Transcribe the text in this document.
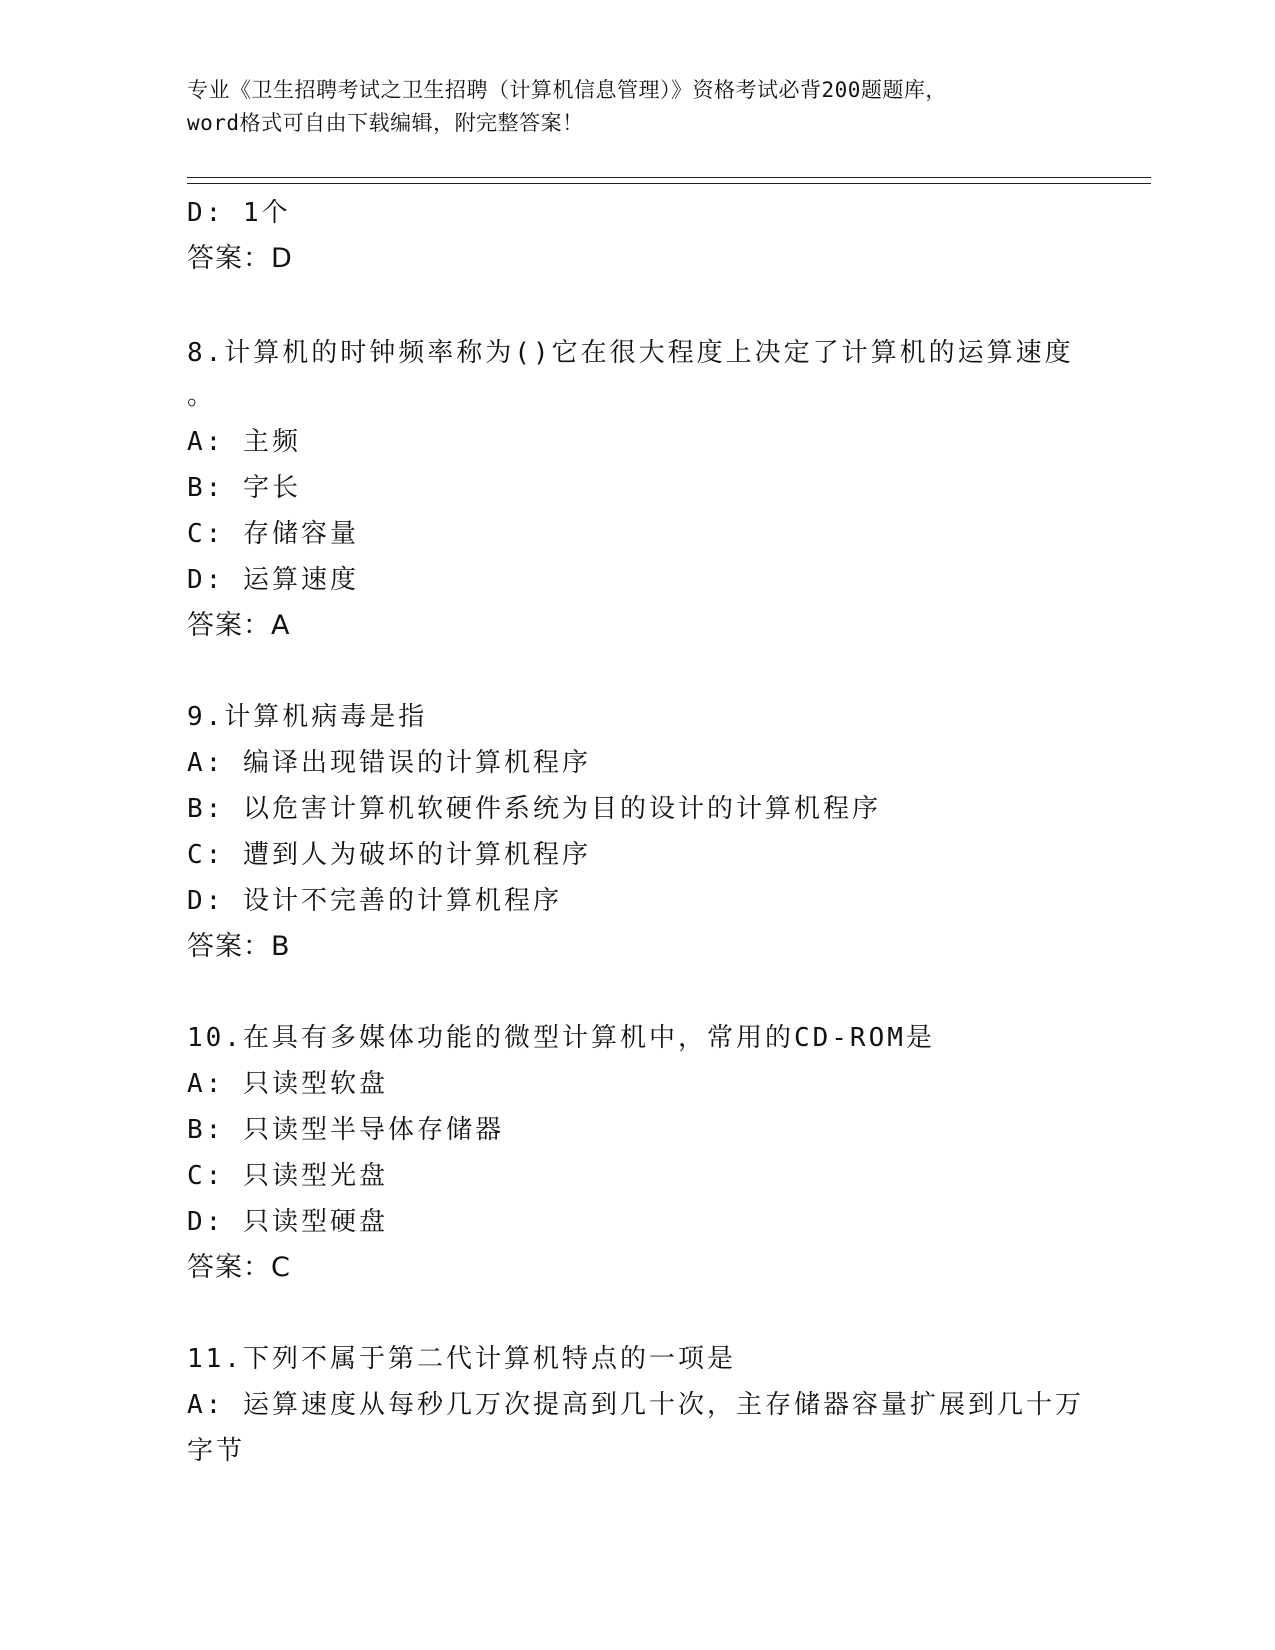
专业《卫生招聘考试之卫生招聘（计算机信息管理）》资格考试必背200题题库，
word格式可自由下载编辑，附完整答案！
D: 1个
答案：D
8.计算机的时钟频率称为()它在很大程度上决定了计算机的运算速度
。
A: 主频
B: 字长
C: 存储容量
D: 运算速度
答案：A
9.计算机病毒是指
A: 编译出现错误的计算机程序
B: 以危害计算机软硬件系统为目的设计的计算机程序
C: 遭到人为破坏的计算机程序
D: 设计不完善的计算机程序
答案：B
10.在具有多媒体功能的微型计算机中，常用的CD-ROM是
A: 只读型软盘
B: 只读型半导体存储器
C: 只读型光盘
D: 只读型硬盘
答案：C
11.下列不属于第二代计算机特点的一项是
A: 运算速度从每秒几万次提高到几十次，主存储器容量扩展到几十万
字节
